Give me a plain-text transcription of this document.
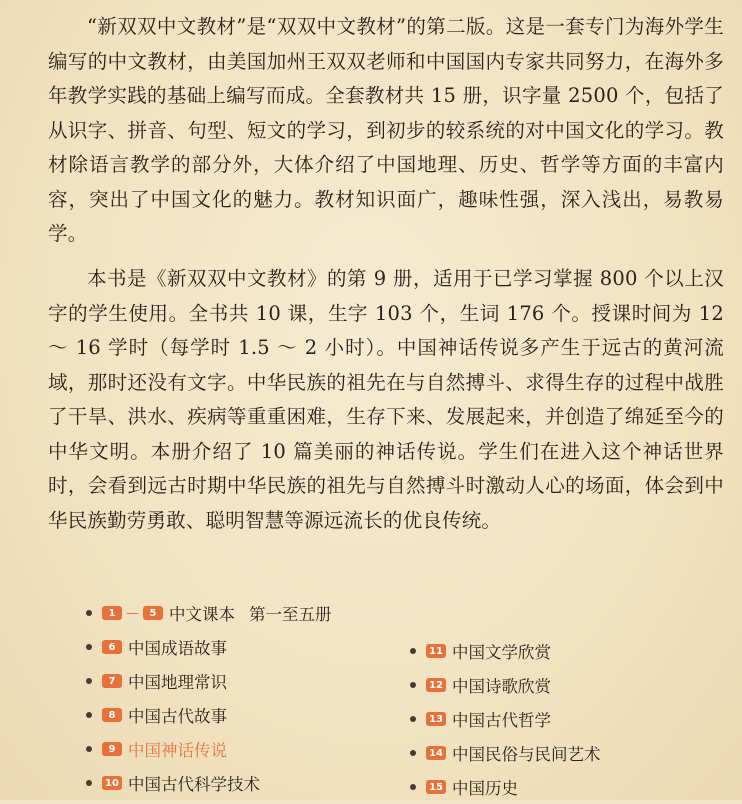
“新双双中文教材”是“双双中文教材”的第二版。这是一套专门为海外学生编写的中文教材，由美国加州王双双老师和中国国内专家共同努力，在海外多年教学实践的基础上编写而成。全套教材共 15 册，识字量 2500 个，包括了从识字、拼音、句型、短文的学习，到初步的较系统的对中国文化的学习。教材除语言教学的部分外，大体介绍了中国地理、历史、哲学等方面的丰富内容，突出了中国文化的魅力。教材知识面广，趣味性强，深入浅出，易教易学。

本书是《新双双中文教材》的第 9 册，适用于已学习掌握 800 个以上汉字的学生使用。全书共 10 课，生字 103 个，生词 176 个。授课时间为 12 ～ 16 学时（每学时 1.5 ～ 2 小时）。中国神话传说多产生于远古的黄河流域，那时还没有文字。中华民族的祖先在与自然搏斗、求得生存的过程中战胜了干旱、洪水、疾病等重重困难，生存下来、发展起来，并创造了绵延至今的中华文明。本册介绍了 10 篇美丽的神话传说。学生们在进入这个神话世界时，会看到远古时期中华民族的祖先与自然搏斗时激动人心的场面，体会到中华民族勤劳勇敢、聪明智慧等源远流长的优良传统。

1 —	5 中文课本 第一至五册
6 中国成语故事
7 中国地理常识
8 中国古代故事
9 中国神话传说
10 中国古代科学技术
11 中国文学欣赏
12 中国诗歌欣赏
13 中国古代哲学
14 中国民俗与民间艺术
15 中国历史
